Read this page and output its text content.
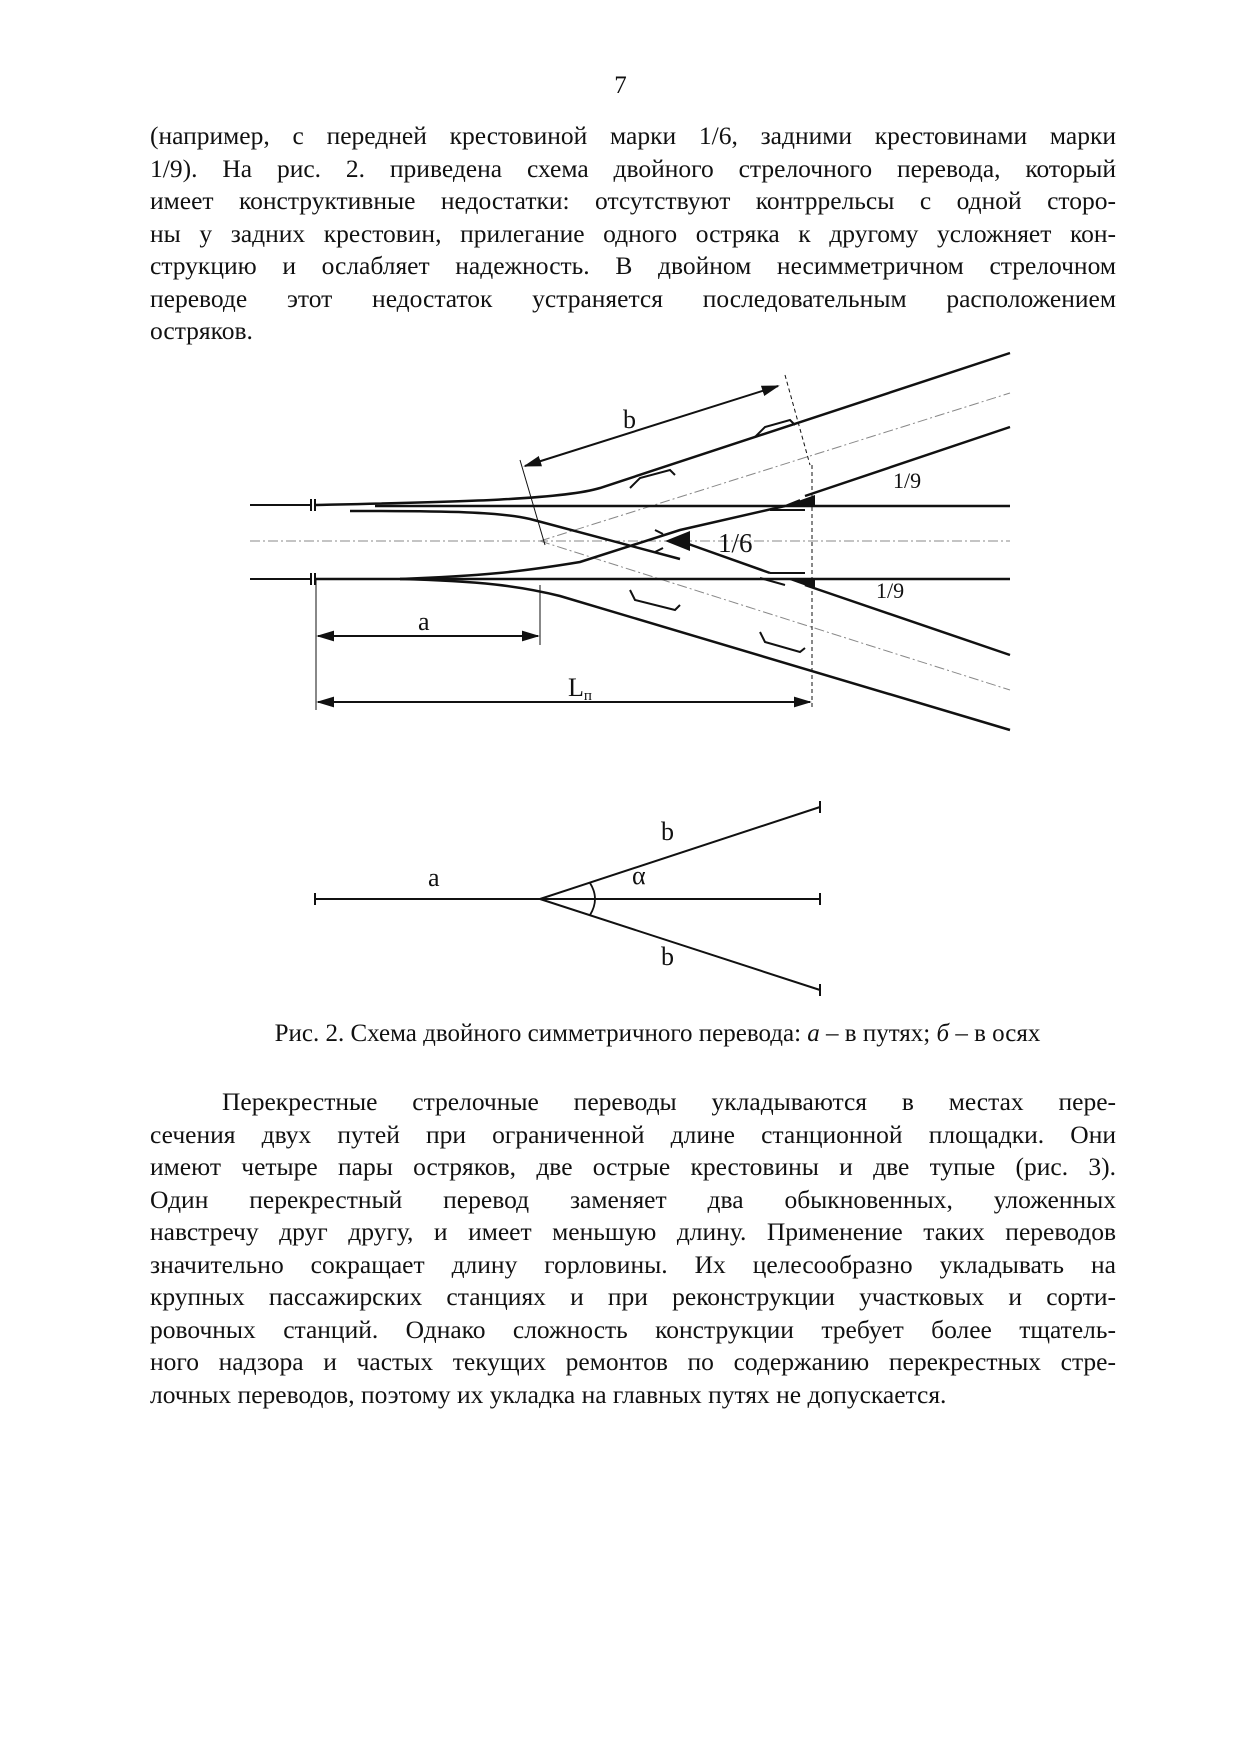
7
(например, с передней крестовиной марки 1/6, задними крестовинами марки
1/9). На рис. 2. приведена схема двойного стрелочного перевода, который
имеет конструктивные недостатки: отсутствуют контррельсы с одной сторо-
ны у задних крестовин, прилегание одного остряка к другому усложняет кон-
струкцию и ослабляет надежность. В двойном несимметричном стрелочном
переводе этот недостаток устраняется последовательным расположением
остряков.
b
a
Lп
1/6
1/9
1/9
a
b
α
b
Рис. 2. Схема двойного симметричного перевода: а – в путях; б – в осях
Перекрестные стрелочные переводы укладываются в местах пере-
сечения двух путей при ограниченной длине станционной площадки. Они
имеют четыре пары остряков, две острые крестовины и две тупые (рис. 3).
Один перекрестный перевод заменяет два обыкновенных, уложенных
навстречу друг другу, и имеет меньшую длину. Применение таких переводов
значительно сокращает длину горловины. Их целесообразно укладывать на
крупных пассажирских станциях и при реконструкции участковых и сорти-
ровочных станций. Однако сложность конструкции требует более тщатель-
ного надзора и частых текущих ремонтов по содержанию перекрестных стре-
лочных переводов, поэтому их укладка на главных путях не допускается.
